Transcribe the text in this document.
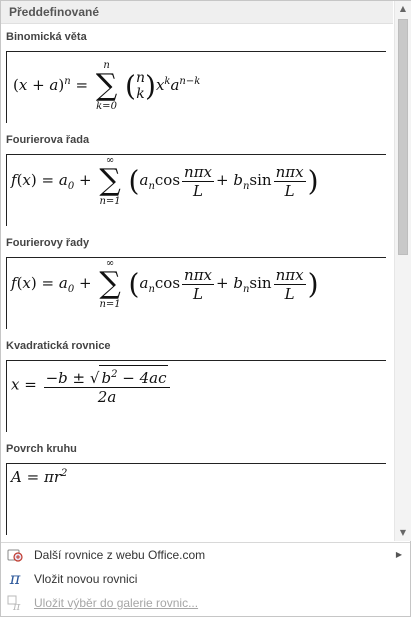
Předdefinované
Binomická věta
$(x + a)^n$ =
n
∑
k=0
( n
k )$x^ka^{n-k}$
Fourierova řada
$f(x) = a_0$ +
∞
∑
n=1
($a_n\cos \frac{\text{nπx}}{L} + b_n\sin \frac{\text{nπx}}{L}$ )
Fourierovy řady
$f(x) = a_0$ +
∞
∑
n=1
($a_n\cos \frac{\text{nπx}}{L} + b_n\sin \frac{\text{nπx}}{L}$ )
Kvadratická rovnice
$x = \frac{-b \pm √ b^2 - 4ac}{2a}$
Povrch kruhu
$A = \pi r^2$
▲
▼
Další rovnice z webu Office.com	▶
π Vložit novou rovnici
π Uložit výběr do galerie rovnic...
